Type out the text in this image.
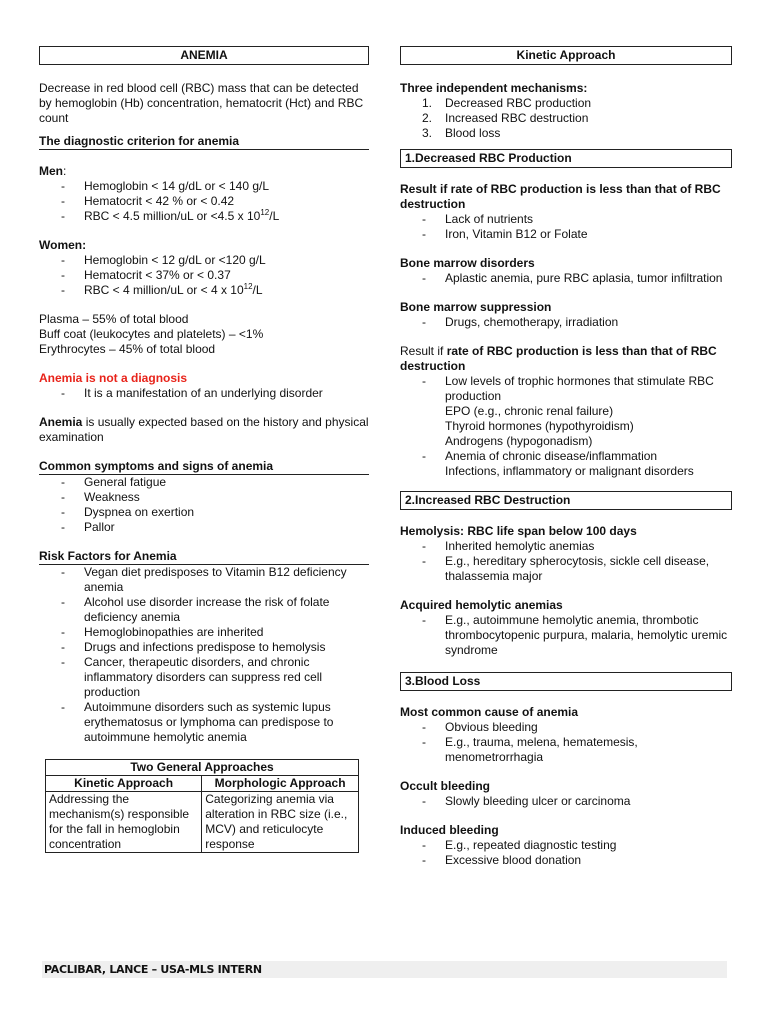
ANEMIA

Decrease in red blood cell (RBC) mass that can be detected by hemoglobin (Hb) concentration, hematocrit (Hct) and RBC count

The diagnostic criterion for anemia

Men:

- Hemoglobin < 14 g/dL or < 140 g/L
- Hematocrit < 42 % or < 0.42
- RBC < 4.5 million/uL or <4.5 x $10^{12}/L$

Women:

- Hemoglobin < 12 g/dL or <120 g/L
- Hematocrit < 37% or < 0.37
- RBC < 4 million/uL or < 4 x $10^{12}/L$

Plasma – 55% of total blood

Buff coat (leukocytes and platelets) – <1%

Erythrocytes – 45% of total blood

Anemia is not a diagnosis

- It is a manifestation of an underlying disorder

Anemia is usually expected based on the history and physical examination

Common symptoms and signs of anemia

- General fatigue
- Weakness
- Dyspnea on exertion
- Pallor

Risk Factors for Anemia

- Vegan diet predisposes to Vitamin B12 deficiency anemia
- Alcohol use disorder increase the risk of folate deficiency anemia
- Hemoglobinopathies are inherited
- Drugs and infections predispose to hemolysis
- Cancer, therapeutic disorders, and chronic inflammatory disorders can suppress red cell production
- Autoimmune disorders such as systemic lupus erythematosus or lymphoma can predispose to autoimmune hemolytic anemia
Two General Approaches	
Kinetic Approach	Morphologic Approach
Addressing the mechanism(s) responsible for the fall in hemoglobin concentration	Categorizing anemia via alteration in RBC size (i.e., MCV) and reticulocyte response
Kinetic Approach

Three independent mechanisms:

1. Decreased RBC production
2. Increased RBC destruction
3. Blood loss
1.Decreased RBC Production

Result if rate of RBC production is less than that of RBC destruction

- Lack of nutrients
- Iron, Vitamin B12 or Folate

Bone marrow disorders

- Aplastic anemia, pure RBC aplasia, tumor infiltration

Bone marrow suppression

- Drugs, chemotherapy, irradiation

Result if rate of RBC production is less than that of RBC destruction

- Low levels of trophic hormones that stimulate RBC production
EPO (e.g., chronic renal failure)
Thyroid hormones (hypothyroidism)
Androgens (hypogonadism)
- Anemia of chronic disease/inflammation
Infections, inflammatory or malignant disorders
2.Increased RBC Destruction

Hemolysis: RBC life span below 100 days

- Inherited hemolytic anemias
- E.g., hereditary spherocytosis, sickle cell disease, thalassemia major

Acquired hemolytic anemias

- E.g., autoimmune hemolytic anemia, thrombotic thrombocytopenic purpura, malaria, hemolytic uremic syndrome
3.Blood Loss

Most common cause of anemia

- Obvious bleeding
- E.g., trauma, melena, hematemesis, menometrorrhagia

Occult bleeding

- Slowly bleeding ulcer or carcinoma

Induced bleeding

- E.g., repeated diagnostic testing
- Excessive blood donation
PACLIBAR, LANCE – USA-MLS INTERN
